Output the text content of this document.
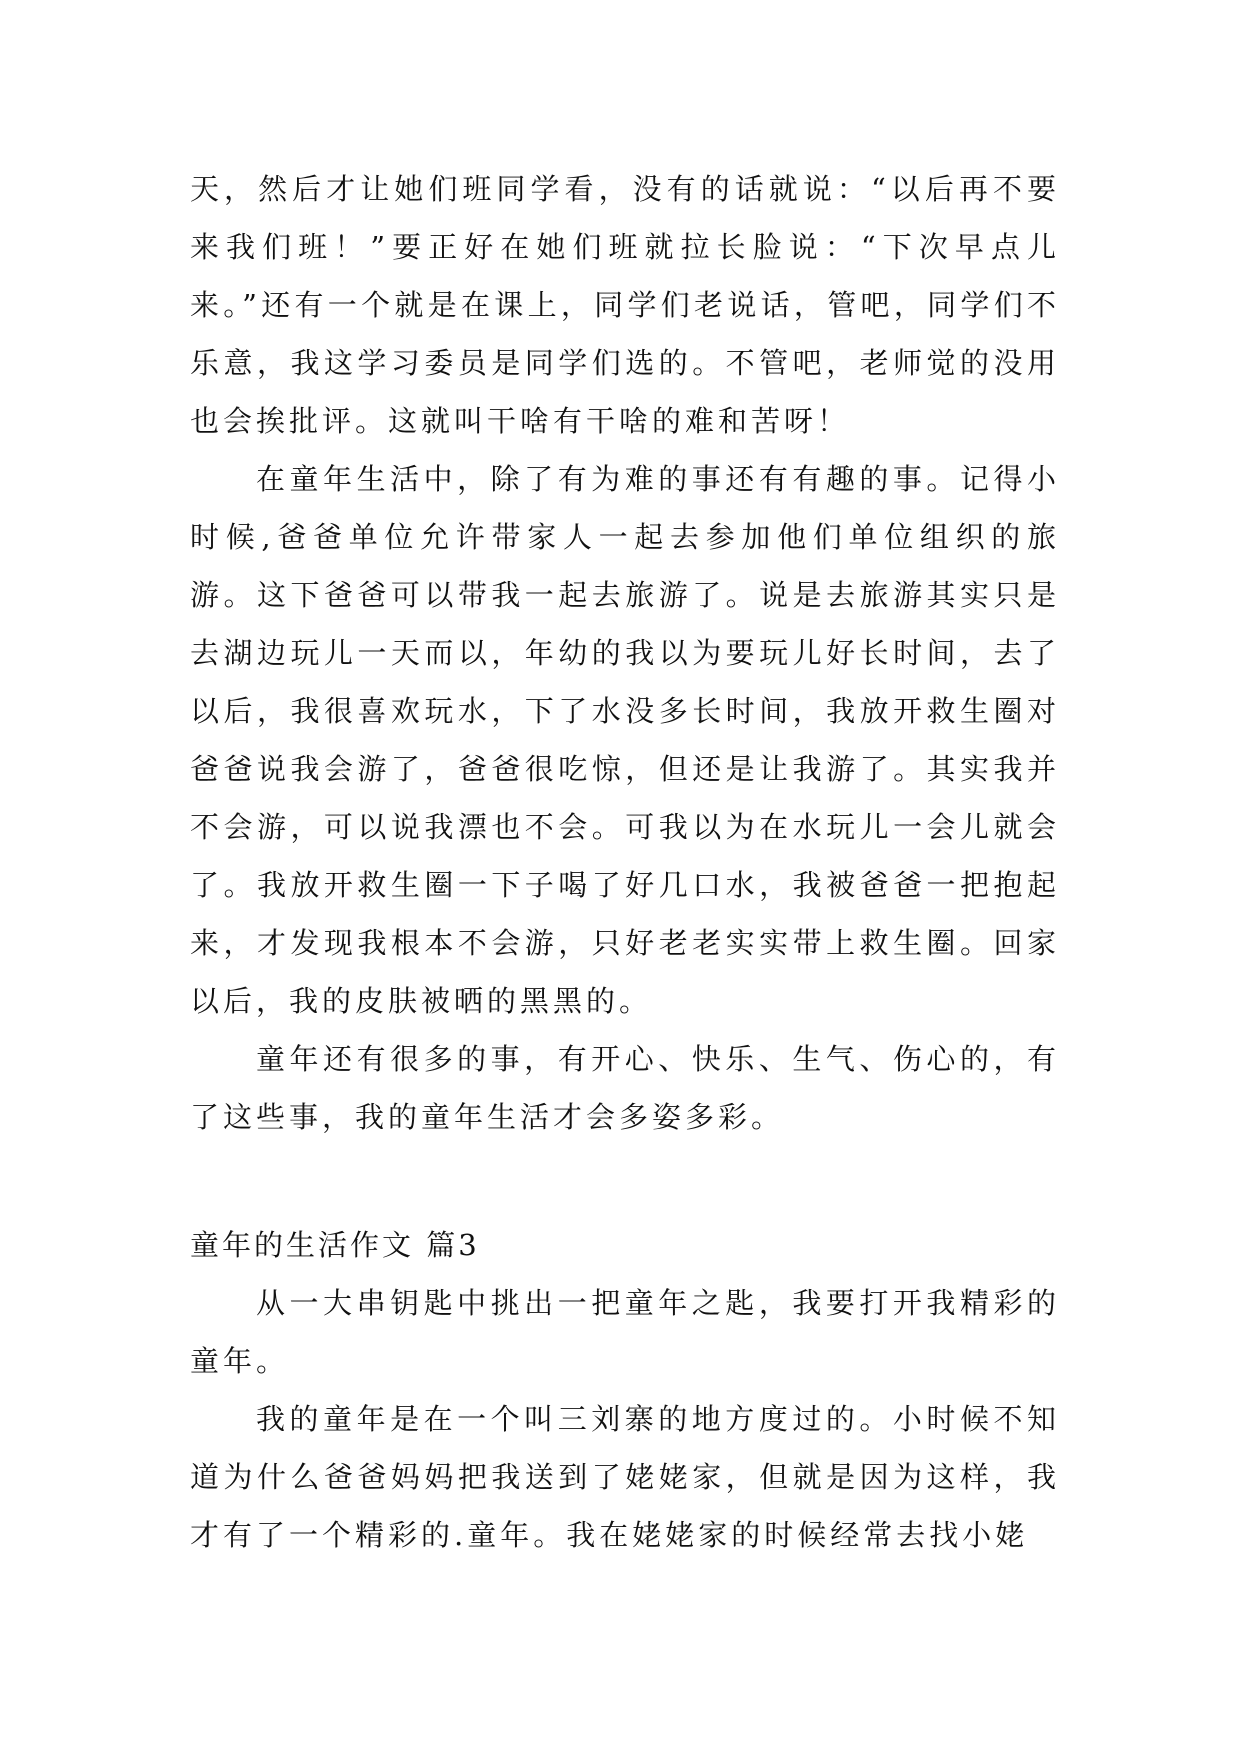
天，然后才让她们班同学看，没有的话就说：“以后再不要来我们班！”要正好在她们班就拉长脸说：“下次早点儿来。”还有一个就是在课上，同学们老说话，管吧，同学们不乐意，我这学习委员是同学们选的。不管吧，老师觉的没用也会挨批评。这就叫干啥有干啥的难和苦呀！

在童年生活中，除了有为难的事还有有趣的事。记得小时候,爸爸单位允许带家人一起去参加他们单位组织的旅游。这下爸爸可以带我一起去旅游了。说是去旅游其实只是去湖边玩儿一天而以，年幼的我以为要玩儿好长时间，去了以后，我很喜欢玩水，下了水没多长时间，我放开救生圈对爸爸说我会游了，爸爸很吃惊，但还是让我游了。其实我并不会游，可以说我漂也不会。可我以为在水玩儿一会儿就会了。我放开救生圈一下子喝了好几口水，我被爸爸一把抱起来，才发现我根本不会游，只好老老实实带上救生圈。回家以后，我的皮肤被晒的黑黑的。

童年还有很多的事，有开心、快乐、生气、伤心的，有了这些事，我的童年生活才会多姿多彩。

童年的生活作文 篇3

从一大串钥匙中挑出一把童年之匙，我要打开我精彩的童年。

我的童年是在一个叫三刘寨的地方度过的。小时候不知道为什么爸爸妈妈把我送到了姥姥家，但就是因为这样，我才有了一个精彩的.童年。我在姥姥家的时候经常去找小姥
